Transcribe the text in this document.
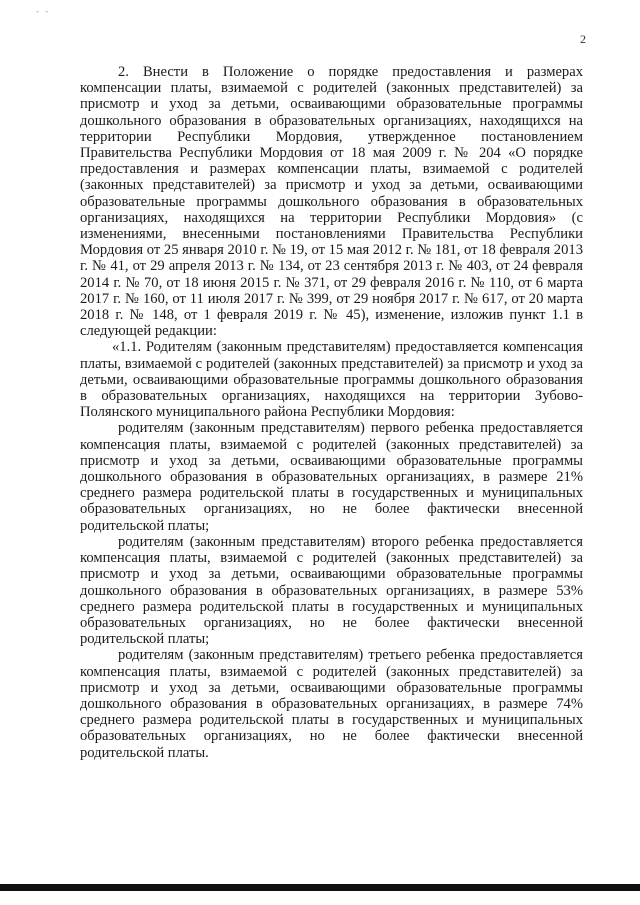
- -
2

2. Внести в Положение о порядке предоставления и размерах компенсации платы, взимаемой с родителей (законных представителей) за присмотр и уход за детьми, осваивающими образовательные программы дошкольного образования в образовательных организациях, находящихся на территории Республики Мордовия, утвержденное постановлением Правительства Республики Мордовия от 18 мая 2009 г. № 204 «О порядке предоставления и размерах компенсации платы, взимаемой с родителей (законных представителей) за присмотр и уход за детьми, осваивающими образовательные программы дошкольного образования в образовательных организациях, находящихся на территории Республики Мордовия» (с изменениями, внесенными постановлениями Правительства Республики Мордовия от 25 января 2010 г. № 19, от 15 мая 2012 г. № 181, от 18 февраля 2013 г. № 41, от 29 апреля 2013 г. № 134, от 23 сентября 2013 г. № 403, от 24 февраля 2014 г. № 70, от 18 июня 2015 г. № 371, от 29 февраля 2016 г. № 110, от 6 марта 2017 г. № 160, от 11 июля 2017 г. № 399, от 29 ноября 2017 г. № 617, от 20 марта 2018 г. № 148, от 1 февраля 2019 г. № 45), изменение, изложив пункт 1.1 в следующей редакции:

«1.1. Родителям (законным представителям) предоставляется компенсация платы, взимаемой с родителей (законных представителей) за присмотр и уход за детьми, осваивающими образовательные программы дошкольного образования в образовательных организациях, находящихся на территории Зубово-Полянского муниципального района Республики Мордовия:

родителям (законным представителям) первого ребенка предоставляется компенсация платы, взимаемой с родителей (законных представителей) за присмотр и уход за детьми, осваивающими образовательные программы дошкольного образования в образовательных организациях, в размере 21% среднего размера родительской платы в государственных и муниципальных образовательных организациях, но не более фактически внесенной родительской платы;

родителям (законным представителям) второго ребенка предоставляется компенсация платы, взимаемой с родителей (законных представителей) за присмотр и уход за детьми, осваивающими образовательные программы дошкольного образования в образовательных организациях, в размере 53% среднего размера родительской платы в государственных и муниципальных образовательных организациях, но не более фактически внесенной родительской платы;

родителям (законным представителям) третьего ребенка предоставляется компенсация платы, взимаемой с родителей (законных представителей) за присмотр и уход за детьми, осваивающими образовательные программы дошкольного образования в образовательных организациях, в размере 74% среднего размера родительской платы в государственных и муниципальных образовательных организациях, но не более фактически внесенной родительской платы.
